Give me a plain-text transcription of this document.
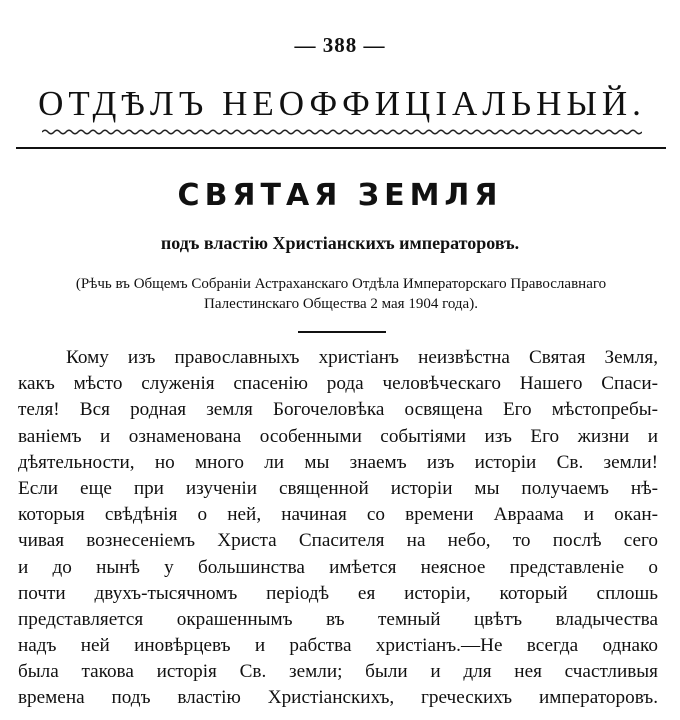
— 388 —
ОТДѢЛЪ НЕОФФИЦІАЛЬНЫЙ.
СВЯТАЯ ЗЕМЛЯ
подъ властію Христіанскихъ императоровъ.
(Рѣчь въ Общемъ Собраніи Астраханскаго Отдѣла Императорскаго Православнаго
Палестинскаго Общества 2 мая 1904 года).
Кому изъ православныхъ христіанъ неизвѣстна Святая Земля,
какъ мѣсто служенія спасенію рода человѣческаго Нашего Спаси-
теля! Вся родная земля Богочеловѣка освящена Его мѣстопребы-
ваніемъ и ознаменована особенными событіями изъ Его жизни и
дѣятельности, но много ли мы знаемъ изъ исторіи Св. земли!
Если еще при изученіи священной исторіи мы получаемъ нѣ-
которыя свѣдѣнія о ней, начиная со времени Авраама и окан-
чивая вознесеніемъ Христа Спасителя на небо, то послѣ сего
и до нынѣ у большинства имѣется неясное представленіе о
почти двухъ-тысячномъ періодѣ ея исторіи, который сплошь
представляется окрашеннымъ въ темный цвѣтъ владычества
надъ ней иновѣрцевъ и рабства христіанъ.—Не всегда однако
была такова исторія Св. земли; были и для нея счастливыя
времена подъ властію Христіанскихъ, греческихъ императоровъ.
